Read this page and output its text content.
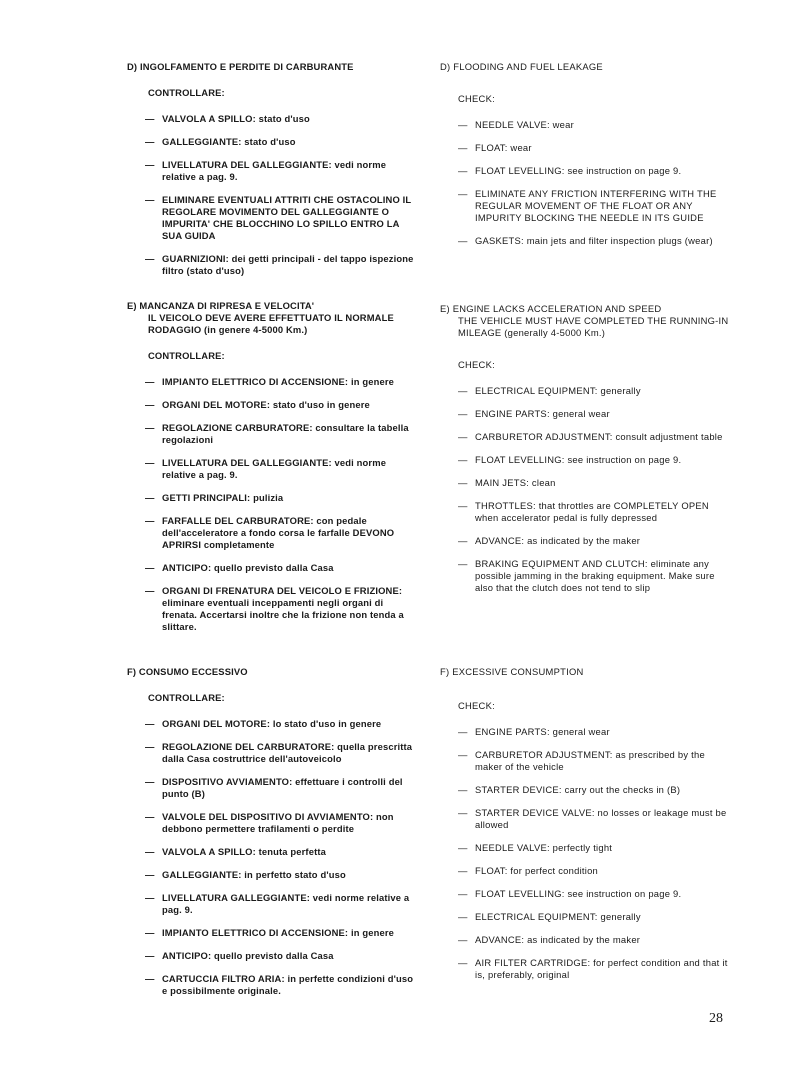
D) INGOLFAMENTO E PERDITE DI CARBURANTE
CONTROLLARE:
— VALVOLA A SPILLO: stato d'uso
— GALLEGGIANTE: stato d'uso
— LIVELLATURA DEL GALLEGGIANTE: vedi norme relative a pag. 9.
— ELIMINARE EVENTUALI ATTRITI CHE OSTACOLINO IL REGOLARE MOVIMENTO DEL GALLEGGIANTE O IMPURITA' CHE BLOCCHINO LO SPILLO ENTRO LA SUA GUIDA
— GUARNIZIONI: dei getti principali - del tappo ispezione filtro (stato d'uso)
E) MANCANZA DI RIPRESA E VELOCITA'
IL VEICOLO DEVE AVERE EFFETTUATO IL NORMALE RODAGGIO (in genere 4-5000 Km.)
CONTROLLARE:
— IMPIANTO ELETTRICO DI ACCENSIONE: in genere
— ORGANI DEL MOTORE: stato d'uso in genere
— REGOLAZIONE CARBURATORE: consultare la tabella regolazioni
— LIVELLATURA DEL GALLEGGIANTE: vedi norme relative a pag. 9.
— GETTI PRINCIPALI: pulizia
— FARFALLE DEL CARBURATORE: con pedale dell'acceleratore a fondo corsa le farfalle DEVONO APRIRSI completamente
— ANTICIPO: quello previsto dalla Casa
— ORGANI DI FRENATURA DEL VEICOLO E FRIZIONE: eliminare eventuali inceppamenti negli organi di frenata. Accertarsi inoltre che la frizione non tenda a slittare.
F) CONSUMO ECCESSIVO
CONTROLLARE:
— ORGANI DEL MOTORE: lo stato d'uso in genere
— REGOLAZIONE DEL CARBURATORE: quella prescritta dalla Casa costruttrice dell'autoveicolo
— DISPOSITIVO AVVIAMENTO: effettuare i controlli del punto (B)
— VALVOLE DEL DISPOSITIVO DI AVVIAMENTO: non debbono permettere trafilamenti o perdite
— VALVOLA A SPILLO: tenuta perfetta
— GALLEGGIANTE: in perfetto stato d'uso
— LIVELLATURA GALLEGGIANTE: vedi norme relative a pag. 9.
— IMPIANTO ELETTRICO DI ACCENSIONE: in genere
— ANTICIPO: quello previsto dalla Casa
— CARTUCCIA FILTRO ARIA: in perfette condizioni d'uso e possibilmente originale.
D) FLOODING AND FUEL LEAKAGE
CHECK:
— NEEDLE VALVE: wear
— FLOAT: wear
— FLOAT LEVELLING: see instruction on page 9.
— ELIMINATE ANY FRICTION INTERFERING WITH THE REGULAR MOVEMENT OF THE FLOAT OR ANY IMPURITY BLOCKING THE NEEDLE IN ITS GUIDE
— GASKETS: main jets and filter inspection plugs (wear)
E) ENGINE LACKS ACCELERATION AND SPEED
THE VEHICLE MUST HAVE COMPLETED THE RUNNING-IN MILEAGE (generally 4-5000 Km.)
CHECK:
— ELECTRICAL EQUIPMENT: generally
— ENGINE PARTS: general wear
— CARBURETOR ADJUSTMENT: consult adjustment table
— FLOAT LEVELLING: see instruction on page 9.
— MAIN JETS: clean
— THROTTLES: that throttles are COMPLETELY OPEN when accelerator pedal is fully depressed
— ADVANCE: as indicated by the maker
— BRAKING EQUIPMENT AND CLUTCH: eliminate any possible jamming in the braking equipment. Make sure also that the clutch does not tend to slip
F) EXCESSIVE CONSUMPTION
CHECK:
— ENGINE PARTS: general wear
— CARBURETOR ADJUSTMENT: as prescribed by the maker of the vehicle
— STARTER DEVICE: carry out the checks in (B)
— STARTER DEVICE VALVE: no losses or leakage must be allowed
— NEEDLE VALVE: perfectly tight
— FLOAT: for perfect condition
— FLOAT LEVELLING: see instruction on page 9.
— ELECTRICAL EQUIPMENT: generally
— ADVANCE: as indicated by the maker
— AIR FILTER CARTRIDGE: for perfect condition and that it is, preferably, original
28
